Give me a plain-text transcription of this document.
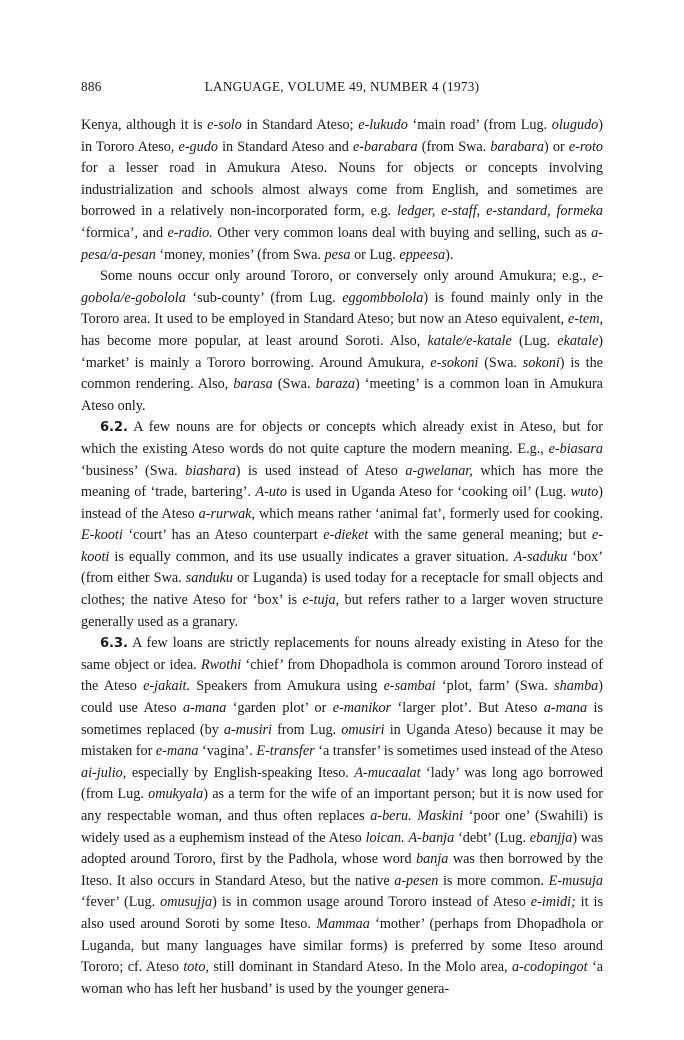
886	LANGUAGE, VOLUME 49, NUMBER 4 (1973)

Kenya, although it is e-solo in Standard Ateso; e-lukudo ‘main road’ (from Lug. olugudo) in Tororo Ateso, e-gudo in Standard Ateso and e-barabara (from Swa. barabara) or e-roto for a lesser road in Amukura Ateso. Nouns for objects or concepts involving industrialization and schools almost always come from English, and sometimes are borrowed in a relatively non-incorporated form, e.g. ledger, e-staff, e-standard, formeka ‘formica’, and e-radio. Other very common loans deal with buying and selling, such as a-pesa/a-pesan ‘money, monies’ (from Swa. pesa or Lug. eppeesa).

Some nouns occur only around Tororo, or conversely only around Amukura; e.g., e-gobola/e-gobolola ‘sub-county’ (from Lug. eggombbolola) is found mainly only in the Tororo area. It used to be employed in Standard Ateso; but now an Ateso equivalent, e-tem, has become more popular, at least around Soroti. Also, katale/e-katale (Lug. ekatale) ‘market’ is mainly a Tororo borrowing. Around Amukura, e-sokoni (Swa. sokoni) is the common rendering. Also, barasa (Swa. baraza) ‘meeting’ is a common loan in Amukura Ateso only.

6.2. A few nouns are for objects or concepts which already exist in Ateso, but for which the existing Ateso words do not quite capture the modern meaning. E.g., e-biasara ‘business’ (Swa. biashara) is used instead of Ateso a-gwelanar, which has more the meaning of ‘trade, bartering’. A-uto is used in Uganda Ateso for ‘cooking oil’ (Lug. wuto) instead of the Ateso a-rurwak, which means rather ‘animal fat’, formerly used for cooking. E-kooti ‘court’ has an Ateso counterpart e-dieket with the same general meaning; but e-kooti is equally common, and its use usually indicates a graver situation. A-saduku ‘box’ (from either Swa. sanduku or Luganda) is used today for a receptacle for small objects and clothes; the native Ateso for ‘box’ is e-tuja, but refers rather to a larger woven structure generally used as a granary.

6.3. A few loans are strictly replacements for nouns already existing in Ateso for the same object or idea. Rwothi ‘chief’ from Dhopadhola is common around Tororo instead of the Ateso e-jakait. Speakers from Amukura using e-sambai ‘plot, farm’ (Swa. shamba) could use Ateso a-mana ‘garden plot’ or e-manikor ‘larger plot’. But Ateso a-mana is sometimes replaced (by a-musiri from Lug. omusiri in Uganda Ateso) because it may be mistaken for e-mana ‘vagina’. E-transfer ‘a transfer’ is sometimes used instead of the Ateso ai-julio, especially by English-speaking Iteso. A-mucaalat ‘lady’ was long ago borrowed (from Lug. omukyala) as a term for the wife of an important person; but it is now used for any respectable woman, and thus often replaces a-beru. Maskini ‘poor one’ (Swahili) is widely used as a euphemism instead of the Ateso loican. A-banja ‘debt’ (Lug. ebanjja) was adopted around Tororo, first by the Padhola, whose word banja was then borrowed by the Iteso. It also occurs in Standard Ateso, but the native a-pesen is more common. E-musuja ‘fever’ (Lug. omusujja) is in common usage around Tororo instead of Ateso e-imidi; it is also used around Soroti by some Iteso. Mammaa ‘mother’ (perhaps from Dhopadhola or Luganda, but many languages have similar forms) is preferred by some Iteso around Tororo; cf. Ateso toto, still dominant in Standard Ateso. In the Molo area, a-codopingot ‘a woman who has left her husband’ is used by the younger genera-
